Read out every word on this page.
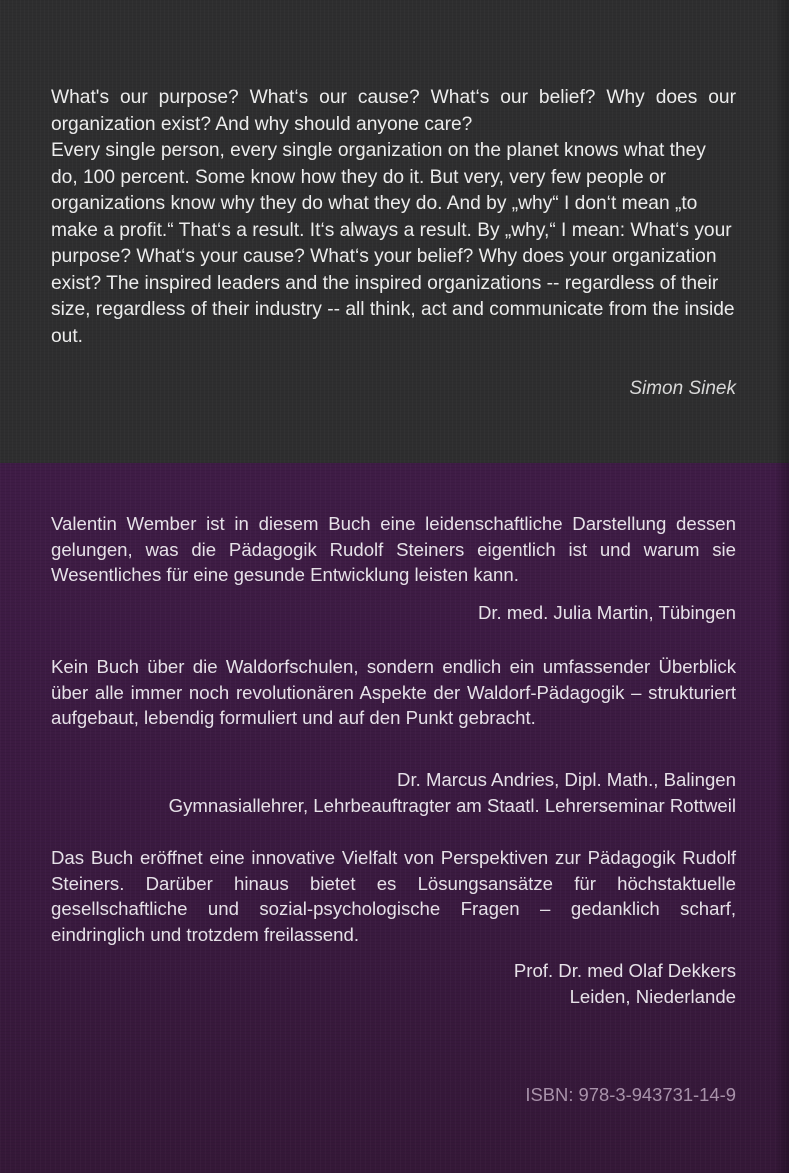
What's our purpose? What‘s our cause? What‘s our belief? Why does our organization exist? And why should anyone care?

Every single person, every single organization on the planet knows what they do, 100 percent. Some know how they do it. But very, very few people or organizations know why they do what they do. And by „why“ I don‘t mean „to make a profit.“ That‘s a result. It‘s always a result. By „why,“ I mean: What‘s your purpose? What‘s your cause? What‘s your belief? Why does your organization exist? The inspired leaders and the inspired organizations -- regardless of their size, regardless of their industry -- all think, act and communicate from the inside out.

Simon Sinek

Valentin Wember ist in diesem Buch eine leidenschaftliche Darstellung dessen gelungen, was die Pädagogik Rudolf Steiners eigentlich ist und warum sie Wesentliches für eine gesunde Entwicklung leisten kann.

Dr. med. Julia Martin, Tübingen

Kein Buch über die Waldorfschulen, sondern endlich ein umfassender Überblick über alle immer noch revolutionären Aspekte der Waldorf-Pädagogik – strukturiert aufgebaut, lebendig formuliert und auf den Punkt gebracht.

Dr. Marcus Andries, Dipl. Math., Balingen
Gymnasiallehrer, Lehrbeauftragter am Staatl. Lehrerseminar Rottweil

Das Buch eröffnet eine innovative Vielfalt von Perspektiven zur Pädagogik Rudolf Steiners. Darüber hinaus bietet es Lösungsansätze für höchstaktuelle gesellschaftliche und sozial-psychologische Fragen – gedanklich scharf, eindringlich und trotzdem freilassend.

Prof. Dr. med Olaf Dekkers
Leiden, Niederlande

ISBN: 978-3-943731-14-9
